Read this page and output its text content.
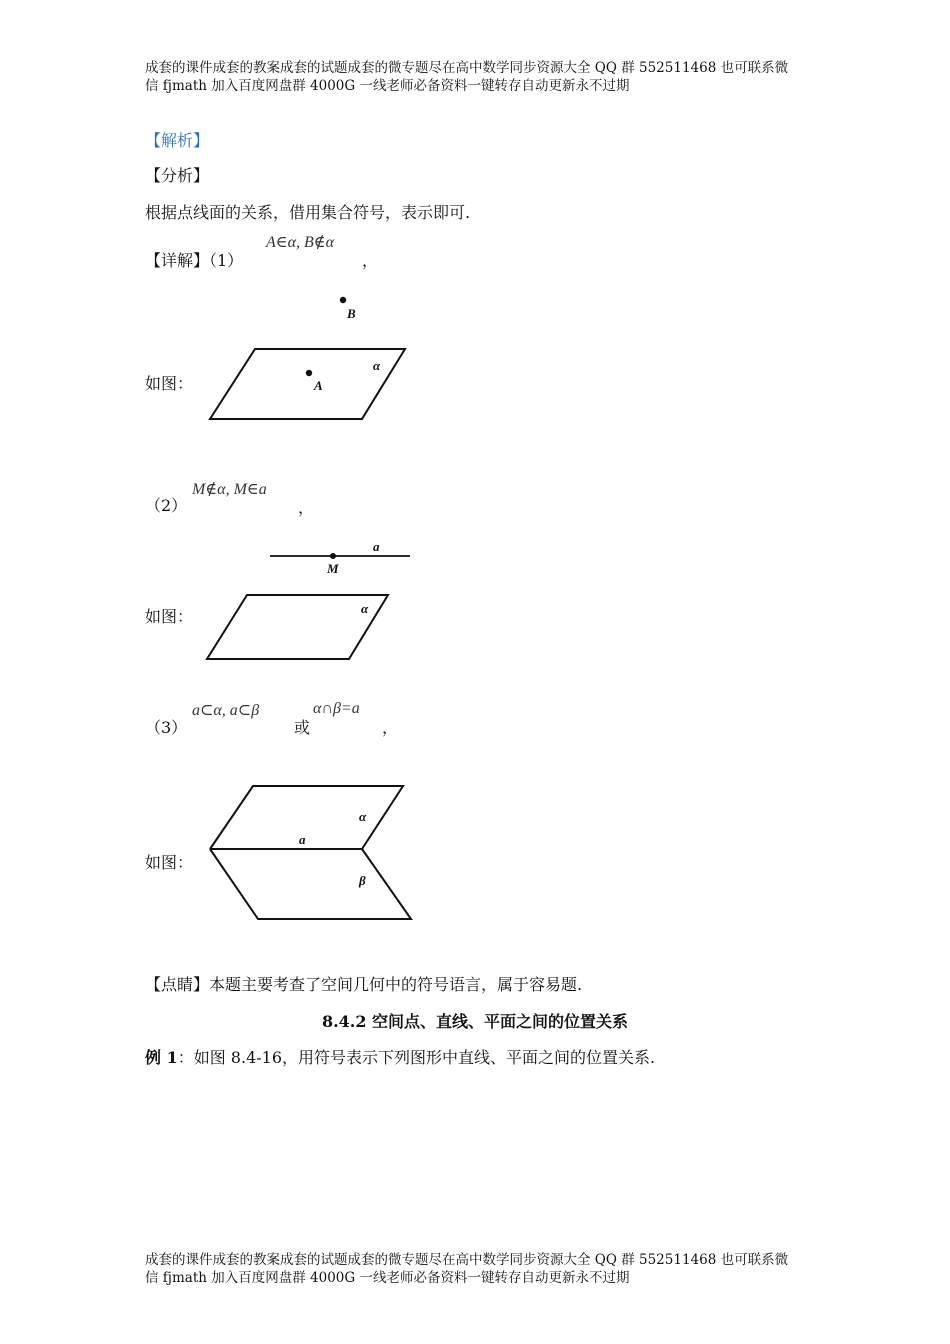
成套的课件成套的教案成套的试题成套的微专题尽在高中数学同步资源大全 QQ 群 552511468 也可联系微
信 fjmath 加入百度网盘群 4000G 一线老师必备资料一键转存自动更新永不过期
【解析】
【分析】
根据点线面的关系，借用集合符号，表示即可.
【详解】（1）
A∈α, B∉α
，
如图：
B
A
α
（2）
M∉α, M∈a
，
如图：
M
a
α
（3）
a⊂α, a⊂β
或
α∩β=a
，
如图：
a
α
β
【点睛】本题主要考查了空间几何中的符号语言，属于容易题.
8.4.2 空间点、直线、平面之间的位置关系
例 1：如图 8.4-16，用符号表示下列图形中直线、平面之间的位置关系.
成套的课件成套的教案成套的试题成套的微专题尽在高中数学同步资源大全 QQ 群 552511468 也可联系微
信 fjmath 加入百度网盘群 4000G 一线老师必备资料一键转存自动更新永不过期
